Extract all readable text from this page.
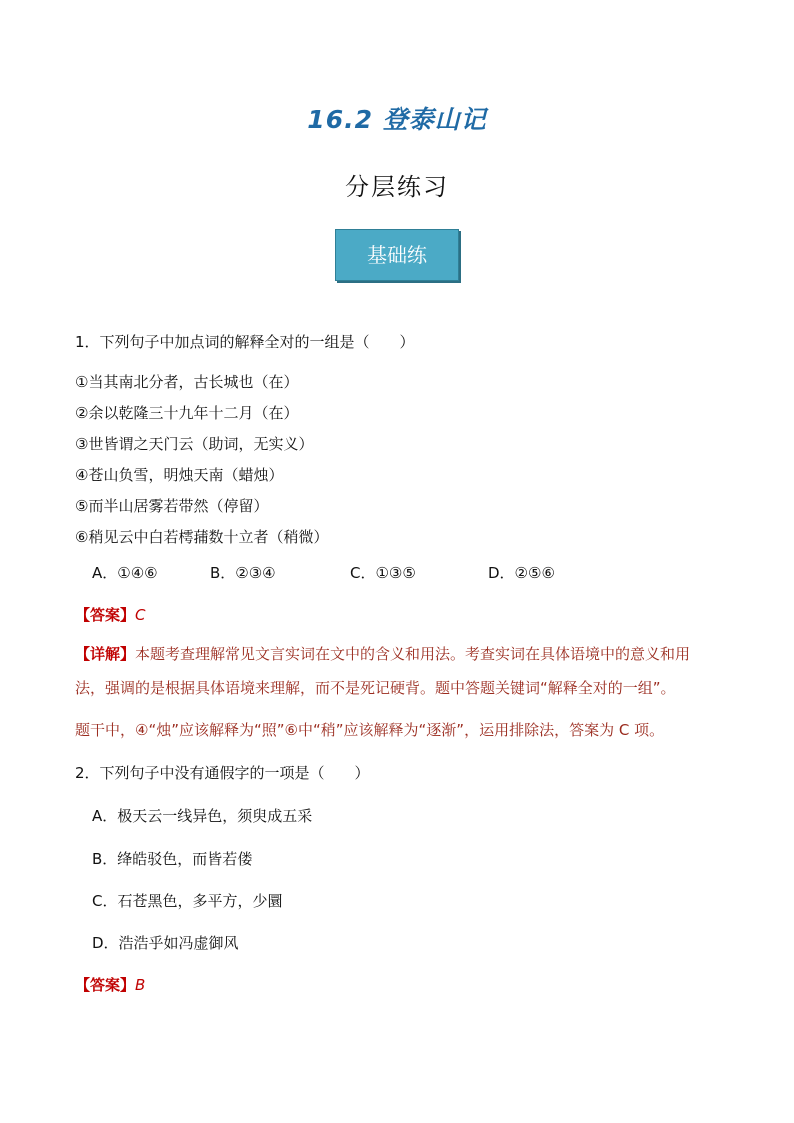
16.2 登泰山记
分层练习
基础练
1．下列句子中加点词的解释全对的一组是（　　）
①当其南北分者，古长城也（在）
②余以乾隆三十九年十二月（在）
③世皆谓之天门云（助词，无实义）
④苍山负雪，明烛天南（蜡烛）
⑤而半山居雾若带然（停留）
⑥稍见云中白若樗蒱数十立者（稍微）
A．①④⑥	B．②③④	C．①③⑤	D．②⑤⑥
【答案】C
【详解】本题考查理解常见文言实词在文中的含义和用法。考查实词在具体语境中的意义和用
法，强调的是根据具体语境来理解，而不是死记硬背。题中答题关键词“解释全对的一组”。
题干中，④“烛”应该解释为“照”⑥中“稍”应该解释为“逐渐”，运用排除法，答案为 C 项。
2．下列句子中没有通假字的一项是（　　）
A．极天云一线异色，须臾成五采
B．绛皓驳色，而皆若偻
C．石苍黑色，多平方，少圜
D．浩浩乎如冯虚御风
【答案】B
